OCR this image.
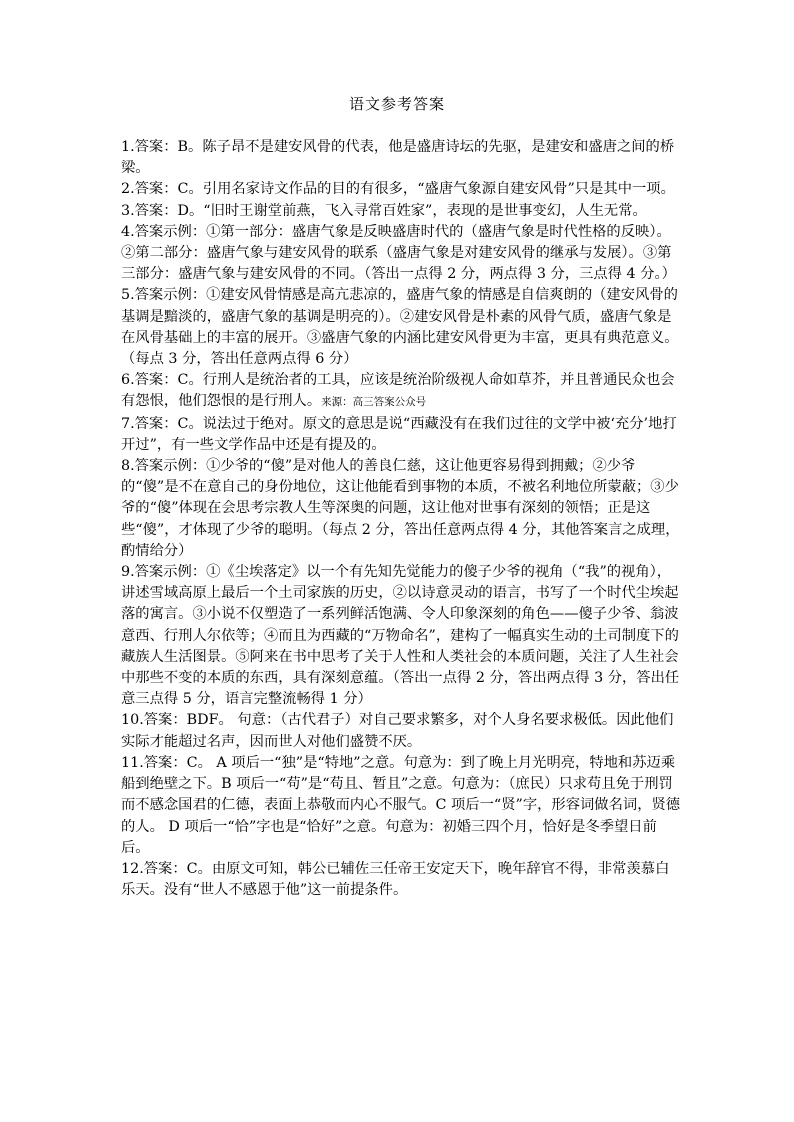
语文参考答案

1.答案：B。陈子昂不是建安风骨的代表，他是盛唐诗坛的先驱，是建安和盛唐之间的桥梁。

2.答案：C。引用名家诗文作品的目的有很多，“盛唐气象源自建安风骨”只是其中一项。

3.答案：D。“旧时王谢堂前燕，飞入寻常百姓家”，表现的是世事变幻，人生无常。

4.答案示例：①第一部分：盛唐气象是反映盛唐时代的（盛唐气象是时代性格的反映）。②第二部分：盛唐气象与建安风骨的联系（盛唐气象是对建安风骨的继承与发展）。③第三部分：盛唐气象与建安风骨的不同。（答出一点得 2 分，两点得 3 分，三点得 4 分。）

5.答案示例：①建安风骨情感是高亢悲凉的，盛唐气象的情感是自信爽朗的（建安风骨的基调是黯淡的，盛唐气象的基调是明亮的）。②建安风骨是朴素的风骨气质，盛唐气象是在风骨基础上的丰富的展开。③盛唐气象的内涵比建安风骨更为丰富，更具有典范意义。（每点 3 分，答出任意两点得 6 分）

6.答案：C。行刑人是统治者的工具，应该是统治阶级视人命如草芥，并且普通民众也会有怨恨，他们怨恨的是行刑人。来源：高三答案公众号

7.答案：C。说法过于绝对。原文的意思是说“西藏没有在我们过往的文学中被‘充分’地打开过”，有一些文学作品中还是有提及的。

8.答案示例：①少爷的“傻”是对他人的善良仁慈，这让他更容易得到拥戴；②少爷的“傻”是不在意自己的身份地位，这让他能看到事物的本质，不被名利地位所蒙蔽；③少爷的“傻”体现在会思考宗教人生等深奥的问题，这让他对世事有深刻的领悟；正是这些“傻”，才体现了少爷的聪明。（每点 2 分，答出任意两点得 4 分，其他答案言之成理，酌情给分）

9.答案示例：①《尘埃落定》以一个有先知先觉能力的傻子少爷的视角（“我”的视角），讲述雪域高原上最后一个土司家族的历史，②以诗意灵动的语言，书写了一个时代尘埃起落的寓言。③小说不仅塑造了一系列鲜活饱满、令人印象深刻的角色——傻子少爷、翁波意西、行刑人尔依等；④而且为西藏的“万物命名”，建构了一幅真实生动的土司制度下的藏族人生活图景。⑤阿来在书中思考了关于人性和人类社会的本质问题，关注了人生社会中那些不变的本质的东西，具有深刻意蕴。（答出一点得 2 分，答出两点得 3 分，答出任意三点得 5 分，语言完整流畅得 1 分）

10.答案：BDF。 句意：（古代君子）对自己要求繁多，对个人身名要求极低。因此他们实际才能超过名声，因而世人对他们盛赞不厌。

11.答案：C。 A 项后一“独”是“特地”之意。句意为：到了晚上月光明亮，特地和苏迈乘船到绝壁之下。B 项后一“苟”是“苟且、暂且”之意。句意为：（庶民）只求苟且免于刑罚而不感念国君的仁德，表面上恭敬而内心不服气。C 项后一“贤”字，形容词做名词，贤德的人。 D 项后一“恰”字也是“恰好”之意。句意为：初婚三四个月，恰好是冬季望日前后。

12.答案：C。由原文可知，韩公已辅佐三任帝王安定天下，晚年辞官不得，非常羡慕白乐天。没有“世人不感恩于他”这一前提条件。
